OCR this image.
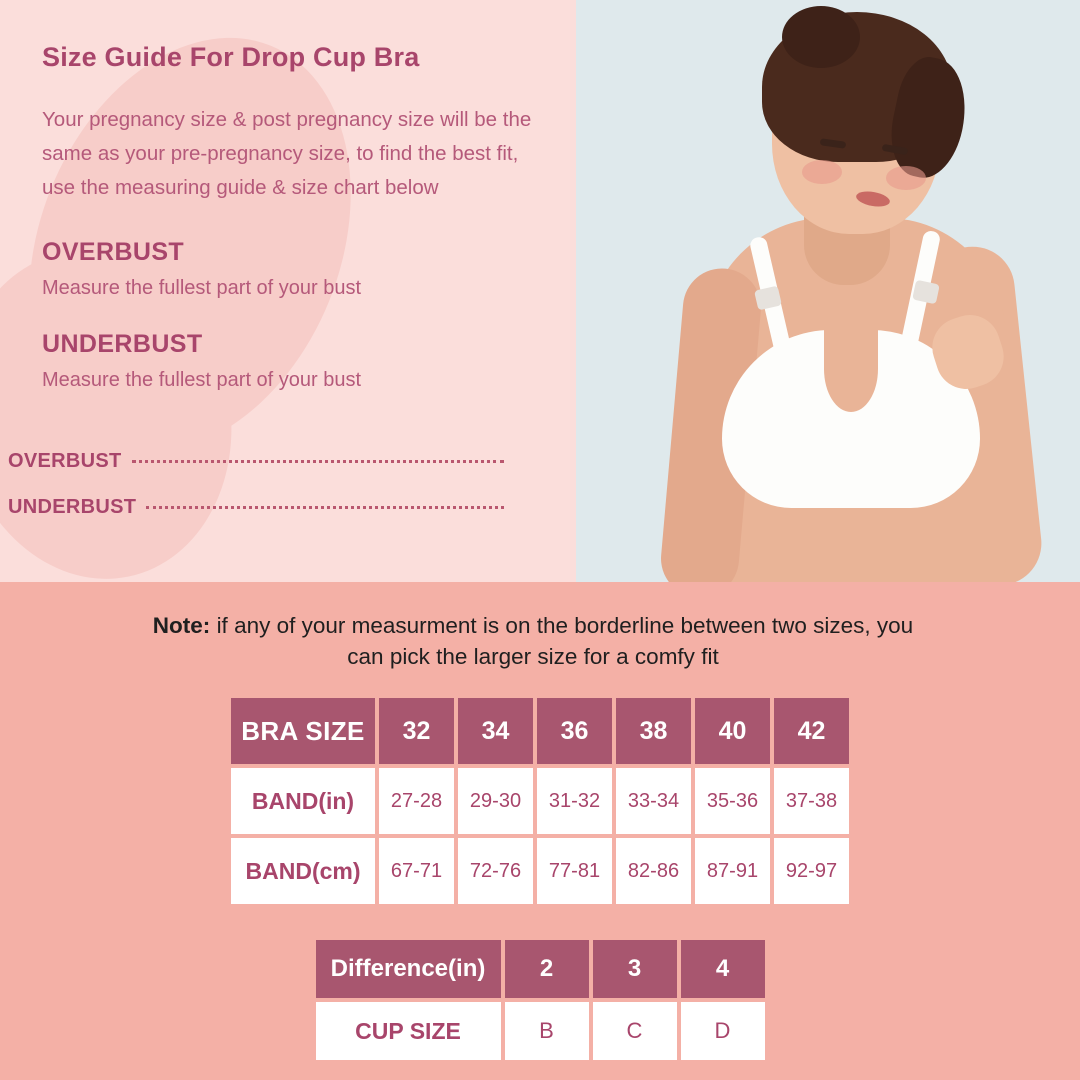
Size Guide For Drop Cup Bra
Your pregnancy size & post pregnancy size will be the same as your pre-pregnancy size, to find the best fit, use the measuring guide & size chart below
OVERBUST
Measure the fullest part of your bust
UNDERBUST
Measure the fullest part of your bust
OVERBUST
UNDERBUST
Note: if any of your measurment is on the borderline between two sizes, you
can pick the larger size for a comfy fit
BRA SIZE	32	34	36	38	40	42
BAND(in)	27-28	29-30	31-32	33-34	35-36	37-38
BAND(cm)	67-71	72-76	77-81	82-86	87-91	92-97
Difference(in)	2	3	4
CUP SIZE	B	C	D
